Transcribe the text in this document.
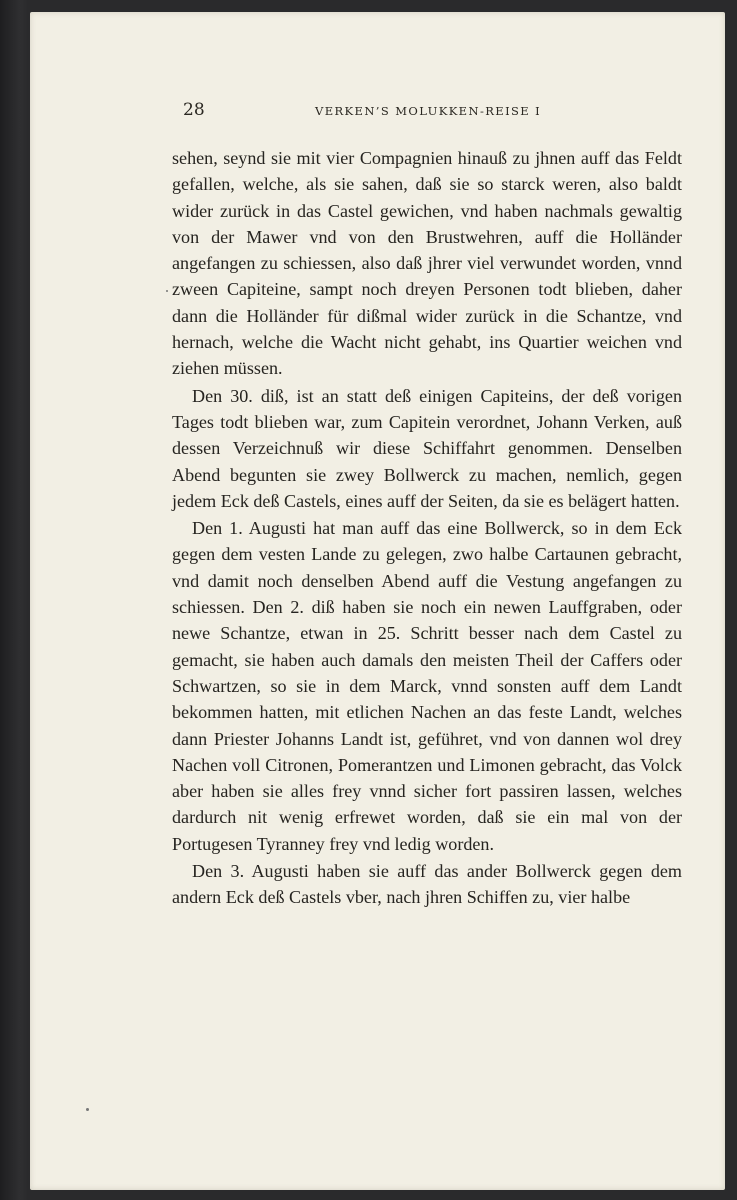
28	VERKEN’S MOLUKKEN-REISE I

sehen, seynd sie mit vier Compagnien hinauß zu jhnen auff das Feldt gefallen, welche, als sie sahen, daß sie so starck weren, also baldt wider zurück in das Castel gewichen, vnd haben nachmals gewaltig von der Mawer vnd von den Brustwehren, auff die Holländer angefangen zu schiessen, also daß jhrer viel verwundet worden, vnnd zween Capiteine, sampt noch dreyen Personen todt blieben, daher dann die Holländer für dißmal wider zurück in die Schantze, vnd hernach, welche die Wacht nicht gehabt, ins Quartier weichen vnd ziehen müssen.

Den 30. diß, ist an statt deß einigen Capiteins, der deß vorigen Tages todt blieben war, zum Capitein verordnet, Johann Verken, auß dessen Verzeichnuß wir diese Schiffahrt genommen. Denselben Abend begunten sie zwey Bollwerck zu machen, nemlich, gegen jedem Eck deß Castels, eines auff der Seiten, da sie es belägert hatten.

Den 1. Augusti hat man auff das eine Bollwerck, so in dem Eck gegen dem vesten Lande zu gelegen, zwo halbe Cartaunen gebracht, vnd damit noch denselben Abend auff die Vestung angefangen zu schiessen. Den 2. diß haben sie noch ein newen Lauffgraben, oder newe Schantze, etwan in 25. Schritt besser nach dem Castel zu gemacht, sie haben auch damals den meisten Theil der Caffers oder Schwartzen, so sie in dem Marck, vnnd sonsten auff dem Landt bekommen hatten, mit etlichen Nachen an das feste Landt, welches dann Priester Johanns Landt ist, geführet, vnd von dannen wol drey Nachen voll Citronen, Pomerantzen und Limonen gebracht, das Volck aber haben sie alles frey vnnd sicher fort passiren lassen, welches dardurch nit wenig erfrewet worden, daß sie ein mal von der Portugesen Tyranney frey vnd ledig worden.

Den 3. Augusti haben sie auff das ander Bollwerck gegen dem andern Eck deß Castels vber, nach jhren Schiffen zu, vier halbe
